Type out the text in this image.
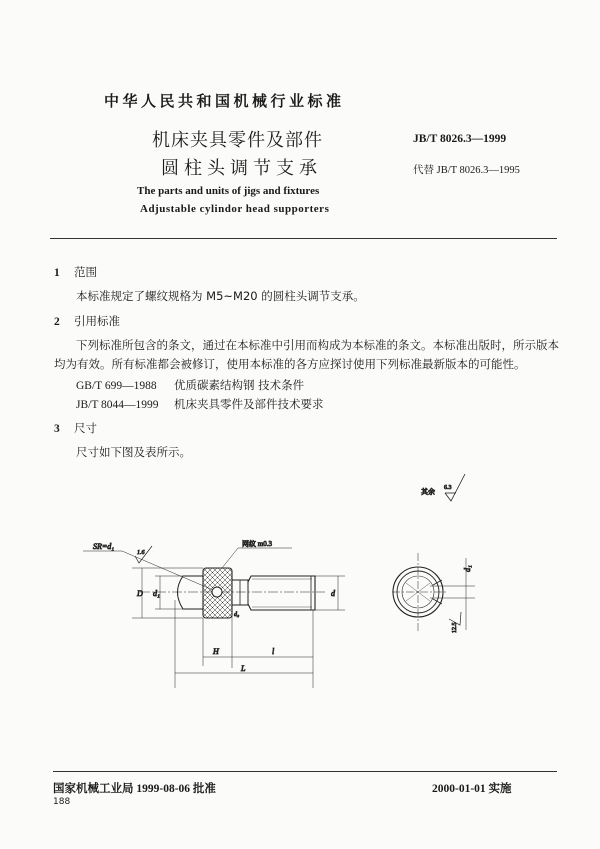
中华人民共和国机械行业标准
机床夹具零件及部件
圆柱头调节支承
The parts and units of jigs and fixtures
Adjustable cylindor head supporters
JB/T 8026.3—1999
代替 JB/T 8026.3—1995
1 范围
本标准规定了螺纹规格为 M5~M20 的圆柱头调节支承。
2 引用标准
下列标准所包含的条文，通过在本标准中引用而构成为本标准的条文。本标准出版时，所示版本
均为有效。所有标准都会被修订，使用本标准的各方应探讨使用下列标准最新版本的可能性。
GB/T 699—1988 优质碳素结构钢 技术条件
JB/T 8044—1999 机床夹具零件及部件技术要求
3 尺寸
尺寸如下图及表所示。
其余 6.3
SR=d₁
1.6
网纹 m0.3
D d₁
d₂
d
H	l
L
d₁
12.5
国家机械工业局 1999-08-06 批准	2000-01-01 实施
188
